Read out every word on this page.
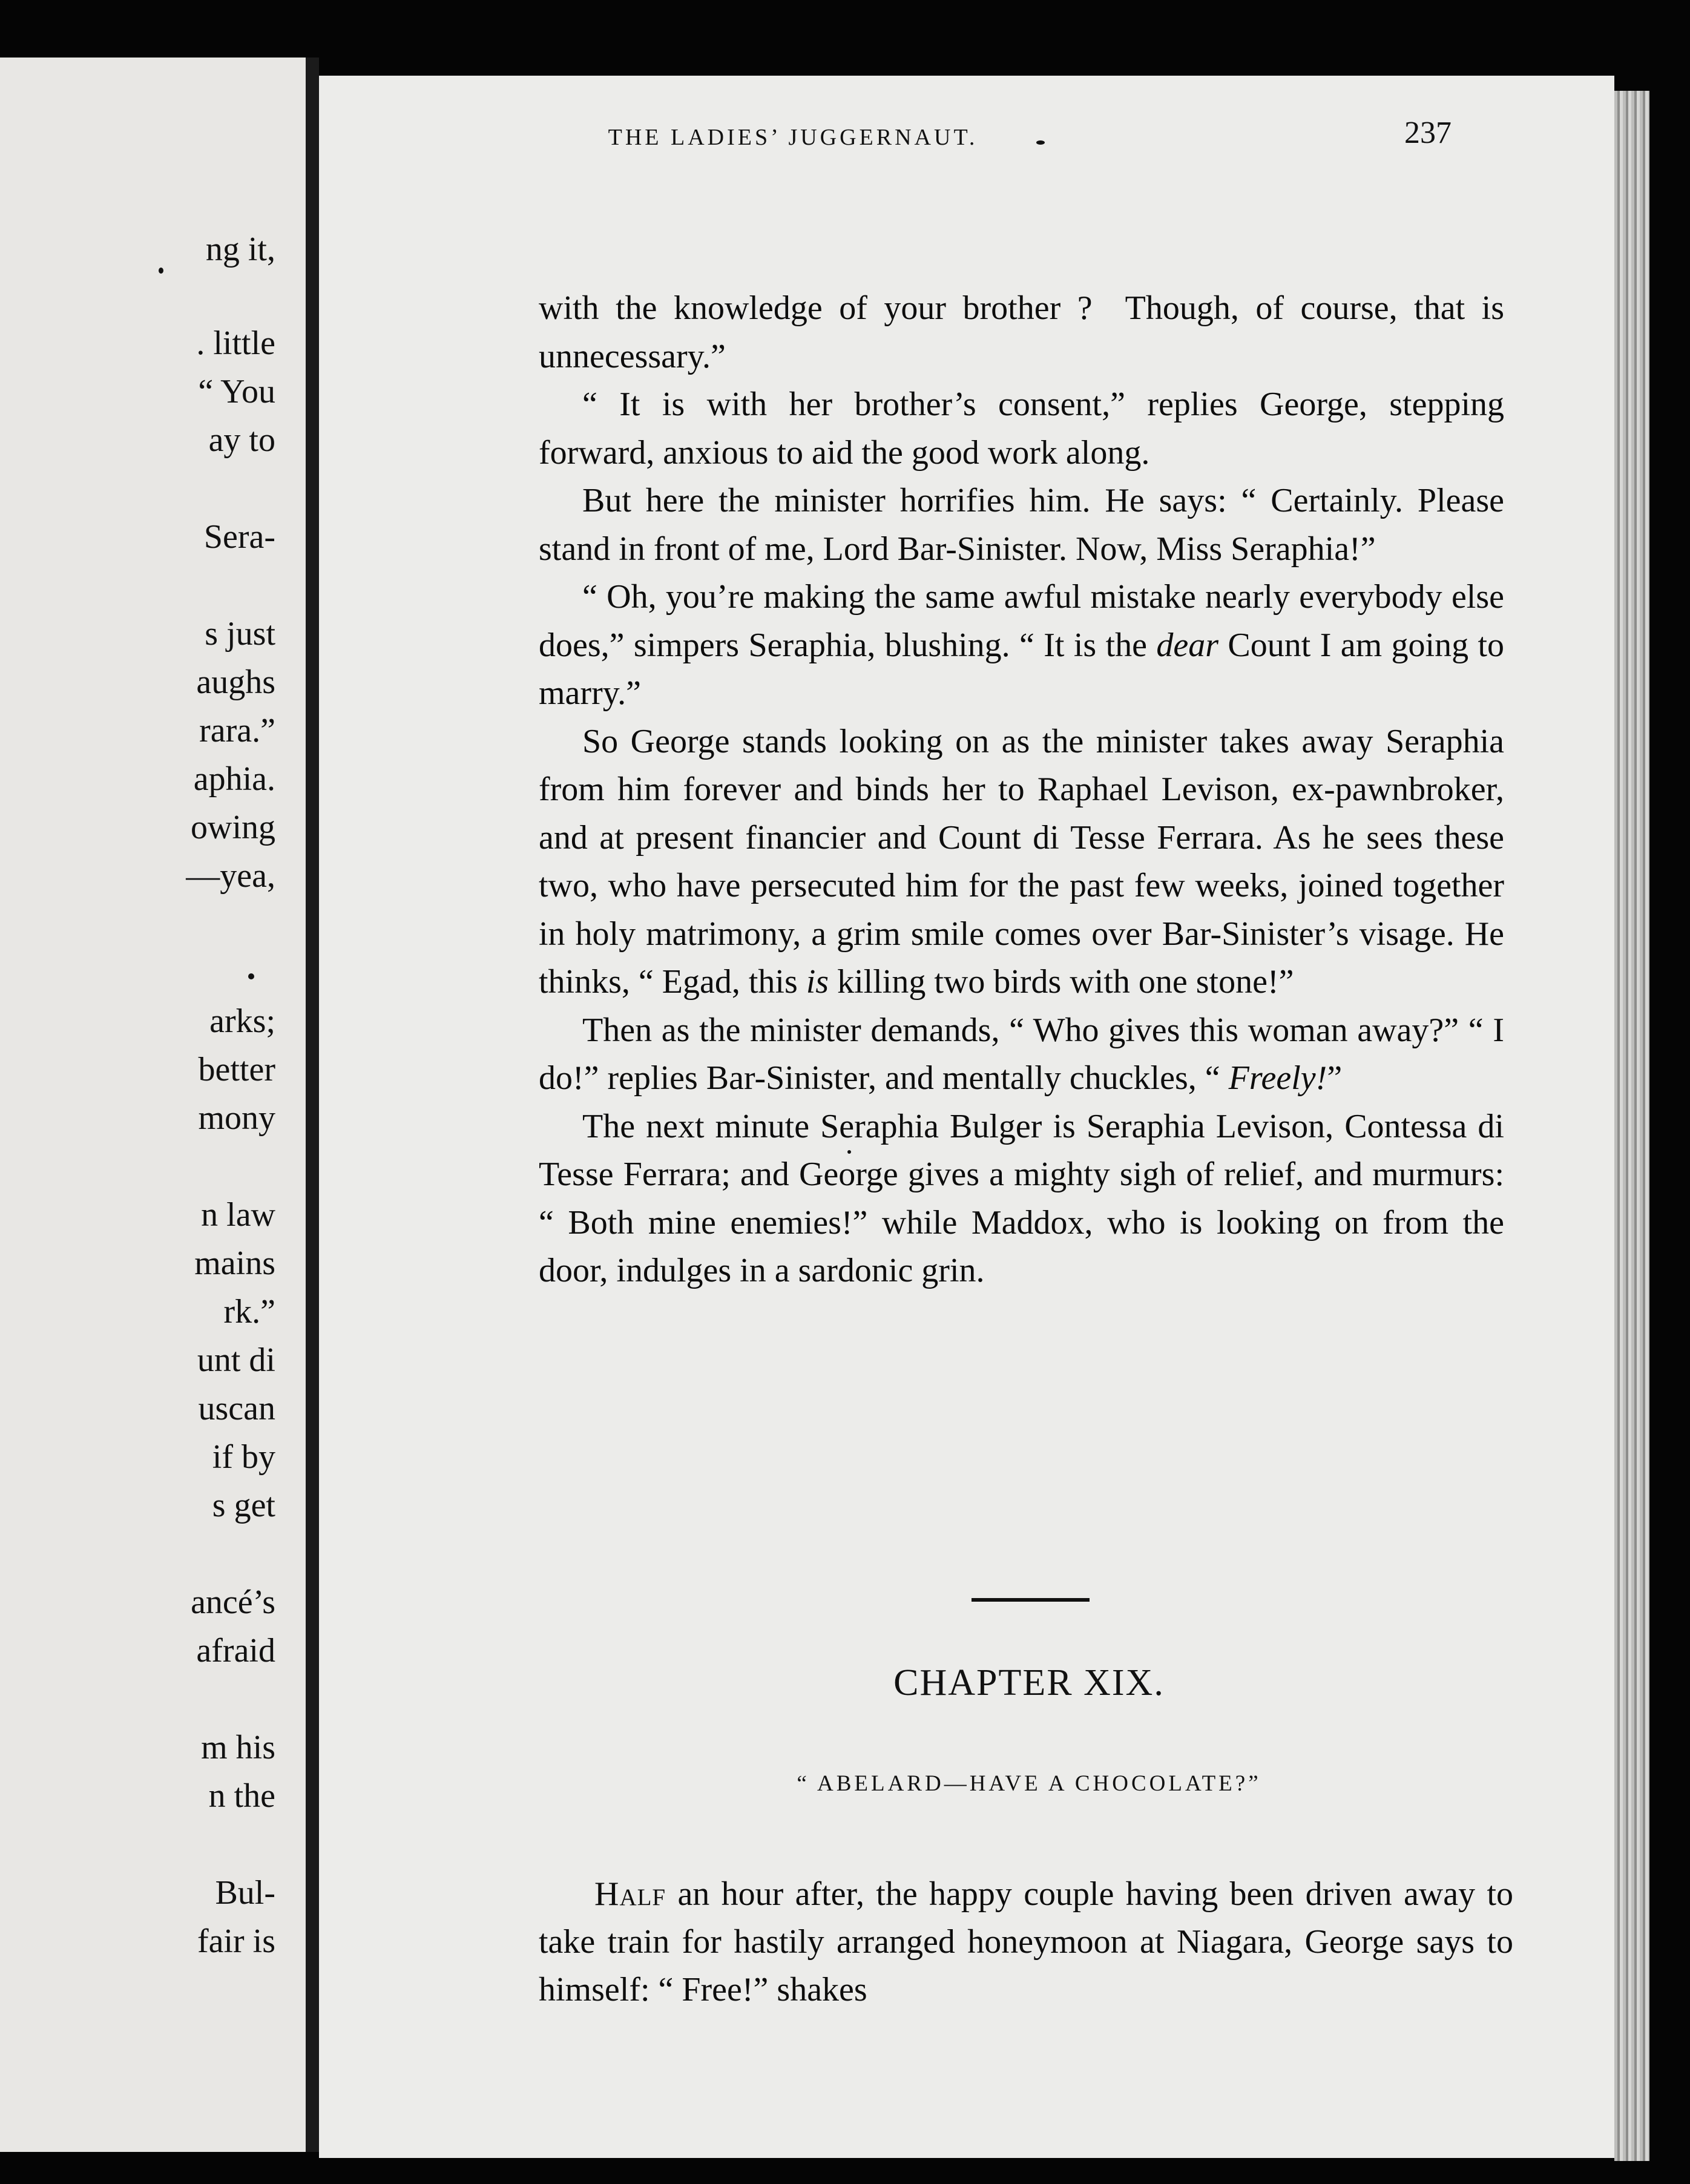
ng it,
. little
“ You
ay to
Sera-
s just
aughs
rara.”
aphia.
owing
—yea,
arks;
better
mony
n law
mains
rk.”
unt di
uscan
if by
s get
ancé’s
afraid
m his
n the
Bul-
fair is
THE LADIES’ JUGGERNAUT.	237

with the knowledge of your brother ?  Though, of course, that is unnecessary.”

“ It is with her brother’s consent,” replies George, stepping forward, anxious to aid the good work along.

But here the minister horrifies him. He says: “ Certainly. Please stand in front of me, Lord Bar-Sinister. Now, Miss Seraphia!”

“ Oh, you’re making the same awful mistake nearly everybody else does,” simpers Seraphia, blushing. “ It is the dear Count I am going to marry.”

So George stands looking on as the minister takes away Seraphia from him forever and binds her to Raphael Levison, ex-pawnbroker, and at present financier and Count di Tesse Ferrara. As he sees these two, who have persecuted him for the past few weeks, joined together in holy matrimony, a grim smile comes over Bar-Sinister’s visage. He thinks, “ Egad, this is killing two birds with one stone!”

Then as the minister demands, “ Who gives this woman away?” “ I do!” replies Bar-Sinister, and mentally chuckles, “ Freely!”

The next minute Seraphia Bulger is Seraphia Levison, Contessa di Tesse Ferrara; and George gives a mighty sigh of relief, and murmurs: “ Both mine enemies!” while Maddox, who is looking on from the door, indulges in a sardonic grin.

CHAPTER XIX.
“ ABELARD—HAVE A CHOCOLATE?”

Half an hour after, the happy couple having been driven away to take train for hastily arranged honeymoon at Niagara, George says to himself: “ Free!” shakes
